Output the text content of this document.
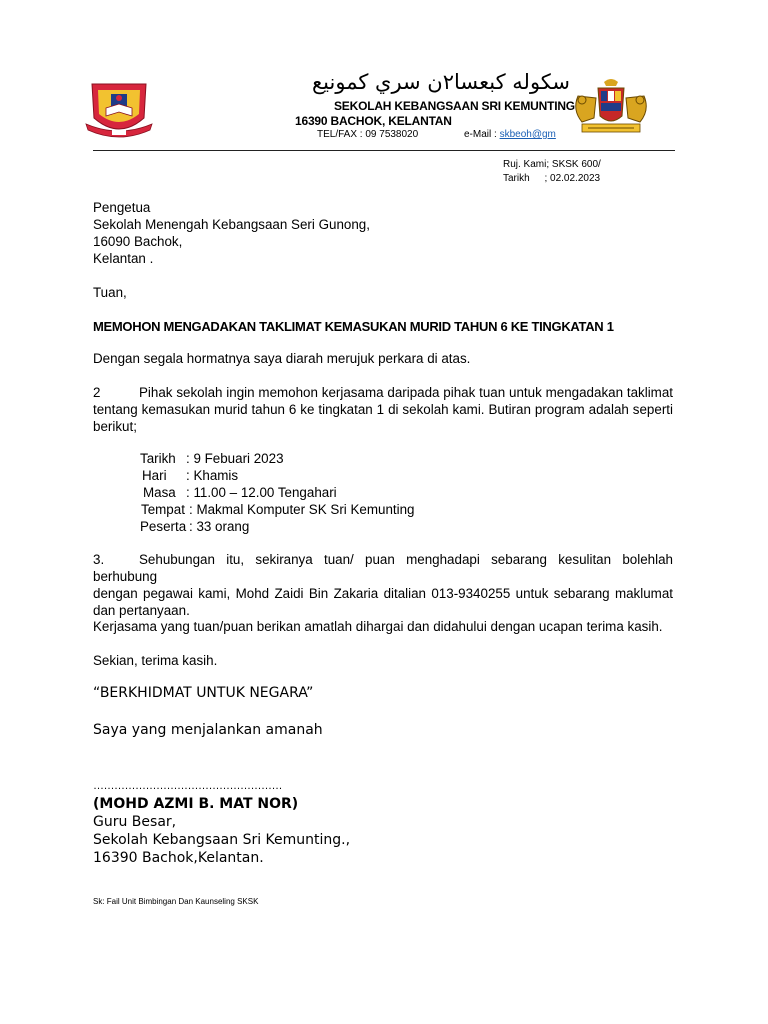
سکوله کبعسا٢ن سري کمونيع
SEKOLAH KEBANGSAAN SRI KEMUNTING
16390 BACHOK, KELANTAN
TEL/FAX : 09 7538020	e-Mail : skbeoh@gm
Ruj. Kami; SKSK 600/
Tarikh ; 02.02.2023
Pengetua
Sekolah Menengah Kebangsaan Seri Gunong,
16090 Bachok,
Kelantan .
Tuan,
MEMOHON MENGADAKAN TAKLIMAT KEMASUKAN MURID TAHUN 6 KE TINGKATAN 1
Dengan segala hormatnya saya diarah merujuk perkara di atas.
2	Pihak sekolah ingin memohon kerjasama daripada pihak tuan untuk mengadakan taklimat
tentang kemasukan murid tahun 6 ke tingkatan 1 di sekolah kami. Butiran program adalah seperti berikut;
Tarikh : 9 Febuari 2023
Hari : Khamis
Masa : 11.00 – 12.00 Tengahari
Tempat : Makmal Komputer SK Sri Kemunting
Peserta : 33 orang
3.	Sehubungan itu, sekiranya tuan/ puan menghadapi sebarang kesulitan bolehlah berhubung
dengan pegawai kami, Mohd Zaidi Bin Zakaria ditalian 013-9340255 untuk sebarang maklumat dan pertanyaan.
Kerjasama yang tuan/puan berikan amatlah dihargai dan didahului dengan ucapan terima kasih.
Sekian, terima kasih.
“BERKHIDMAT UNTUK NEGARA”
Saya yang menjalankan amanah
………………………………………………
(MOHD AZMI B. MAT NOR)
Guru Besar,
Sekolah Kebangsaan Sri Kemunting.,
16390 Bachok,Kelantan.
Sk: Fail Unit Bimbingan Dan Kaunseling SKSK
